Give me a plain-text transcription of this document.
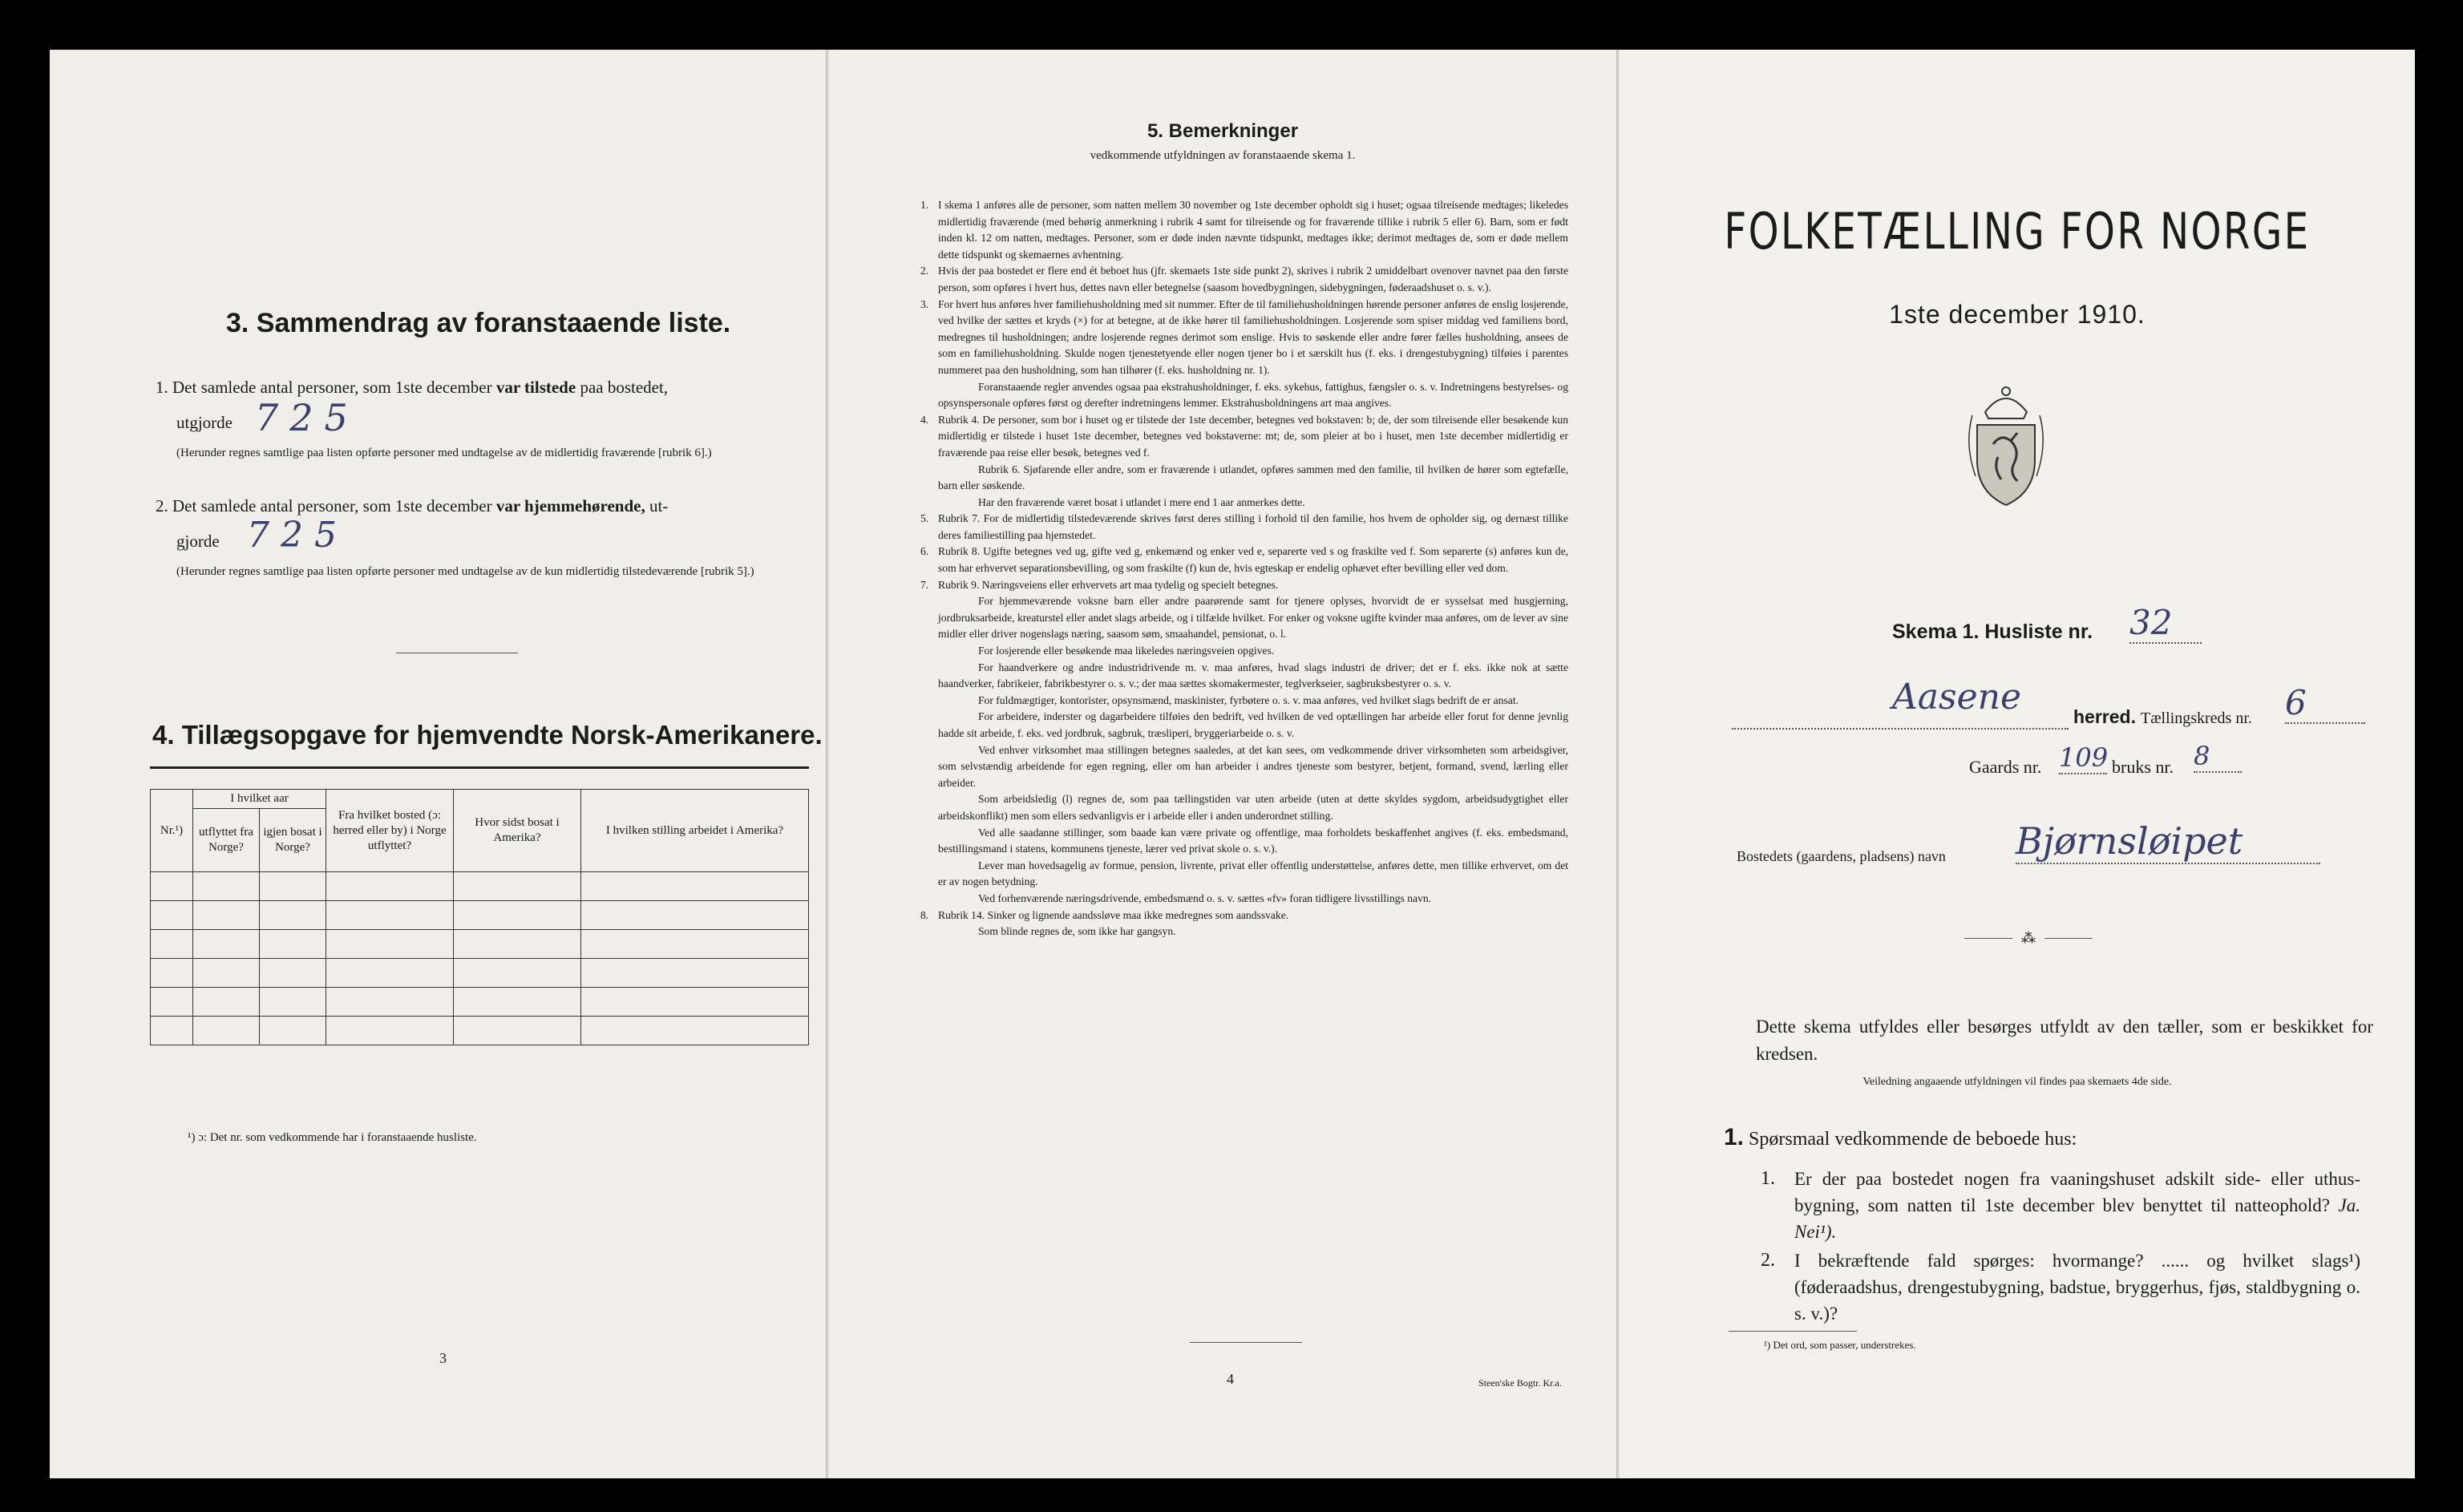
3. Sammendrag av foranstaaende liste.
1. Det samlede antal personer, som 1ste december var tilstede paa bostedet,
utgjorde 725
(Herunder regnes samtlige paa listen opførte personer med undtagelse av de midlertidig fraværende [rubrik 6].)
2. Det samlede antal personer, som 1ste december var hjemmehørende, ut-
gjorde 725
(Herunder regnes samtlige paa listen opførte personer med undtagelse av de kun midlertidig tilstedeværende [rubrik 5].)
4. Tillægsopgave for hjemvendte Norsk-Amerikanere.
Nr.¹)	I hvilket aar		Fra hvilket bosted (ɔ: herred eller by) i Norge utflyttet?	Hvor sidst bosat i Amerika?	I hvilken stilling arbeidet i Amerika?
	utflyttet fra Norge?	igjen bosat i Norge?			

¹) ɔ: Det nr. som vedkommende har i foranstaaende husliste.
3
5. Bemerkninger
vedkommende utfyldningen av foranstaaende skema 1.
1. I skema 1 anføres alle de personer, som natten mellem 30 november og 1ste december opholdt sig i huset; ogsaa tilreisende medtages; likeledes midlertidig fraværende (med behørig anmerkning i rubrik 4 samt for tilreisende og for fraværende tillike i rubrik 5 eller 6). Barn, som er født inden kl. 12 om natten, medtages. Personer, som er døde inden nævnte tidspunkt, medtages ikke; derimot medtages de, som er døde mellem dette tidspunkt og skemaernes avhentning.
2. Hvis der paa bostedet er flere end ét beboet hus (jfr. skemaets 1ste side punkt 2), skrives i rubrik 2 umiddelbart ovenover navnet paa den første person, som opføres i hvert hus, dettes navn eller betegnelse (saasom hovedbygningen, sidebygningen, føderaadshuset o. s. v.).
3. For hvert hus anføres hver familiehusholdning med sit nummer. Efter de til familiehusholdningen hørende personer anføres de enslig losjerende, ved hvilke der sættes et kryds (×) for at betegne, at de ikke hører til familiehusholdningen. Losjerende som spiser middag ved familiens bord, medregnes til husholdningen; andre losjerende regnes derimot som enslige. Hvis to søskende eller andre fører fælles husholdning, ansees de som en familiehusholdning. Skulde nogen tjenestetyende eller nogen tjener bo i et særskilt hus (f. eks. i drengestubygning) tilføies i parentes nummeret paa den husholdning, som han tilhører (f. eks. husholdning nr. 1).
Foranstaaende regler anvendes ogsaa paa ekstrahusholdninger, f. eks. sykehus, fattighus, fængsler o. s. v. Indretningens bestyrelses- og opsynspersonale opføres først og derefter indretningens lemmer. Ekstrahusholdningens art maa angives.
4. Rubrik 4. De personer, som bor i huset og er tilstede der 1ste december, betegnes ved bokstaven: b; de, der som tilreisende eller besøkende kun midlertidig er tilstede i huset 1ste december, betegnes ved bokstaverne: mt; de, som pleier at bo i huset, men 1ste december midlertidig er fraværende paa reise eller besøk, betegnes ved f.
Rubrik 6. Sjøfarende eller andre, som er fraværende i utlandet, opføres sammen med den familie, til hvilken de hører som egtefælle, barn eller søskende.
Har den fraværende været bosat i utlandet i mere end 1 aar anmerkes dette.
5. Rubrik 7. For de midlertidig tilstedeværende skrives først deres stilling i forhold til den familie, hos hvem de opholder sig, og dernæst tillike deres familiestilling paa hjemstedet.
6. Rubrik 8. Ugifte betegnes ved ug, gifte ved g, enkemænd og enker ved e, separerte ved s og fraskilte ved f. Som separerte (s) anføres kun de, som har erhvervet separationsbevilling, og som fraskilte (f) kun de, hvis egteskap er endelig ophævet efter bevilling eller ved dom.
7. Rubrik 9. Næringsveiens eller erhvervets art maa tydelig og specielt betegnes.
For hjemmeværende voksne barn eller andre paarørende samt for tjenere oplyses, hvorvidt de er sysselsat med husgjerning, jordbruksarbeide, kreaturstel eller andet slags arbeide, og i tilfælde hvilket. For enker og voksne ugifte kvinder maa anføres, om de lever av sine midler eller driver nogenslags næring, saasom søm, smaahandel, pensionat, o. l.
For losjerende eller besøkende maa likeledes næringsveien opgives.
For haandverkere og andre industridrivende m. v. maa anføres, hvad slags industri de driver; det er f. eks. ikke nok at sætte haandverker, fabrikeier, fabrikbestyrer o. s. v.; der maa sættes skomakermester, teglverkseier, sagbruksbestyrer o. s. v.
For fuldmægtiger, kontorister, opsynsmænd, maskinister, fyrbøtere o. s. v. maa anføres, ved hvilket slags bedrift de er ansat.
For arbeidere, inderster og dagarbeidere tilføies den bedrift, ved hvilken de ved optællingen har arbeide eller forut for denne jevnlig hadde sit arbeide, f. eks. ved jordbruk, sagbruk, træsliperi, bryggeriarbeide o. s. v.
Ved enhver virksomhet maa stillingen betegnes saaledes, at det kan sees, om vedkommende driver virksomheten som arbeidsgiver, som selvstændig arbeidende for egen regning, eller om han arbeider i andres tjeneste som bestyrer, betjent, formand, svend, lærling eller arbeider.
Som arbeidsledig (l) regnes de, som paa tællingstiden var uten arbeide (uten at dette skyldes sygdom, arbeidsudygtighet eller arbeidskonflikt) men som ellers sedvanligvis er i arbeide eller i anden underordnet stilling.
Ved alle saadanne stillinger, som baade kan være private og offentlige, maa forholdets beskaffenhet angives (f. eks. embedsmand, bestillingsmand i statens, kommunens tjeneste, lærer ved privat skole o. s. v.).
Lever man hovedsagelig av formue, pension, livrente, privat eller offentlig understøttelse, anføres dette, men tillike erhvervet, om det er av nogen betydning.
Ved forhenværende næringsdrivende, embedsmænd o. s. v. sættes «fv» foran tidligere livsstillings navn.
8. Rubrik 14. Sinker og lignende aandssløve maa ikke medregnes som aandssvake.
Som blinde regnes de, som ikke har gangsyn.
4	Steen'ske Bogtr. Kr.a.
FOLKETÆLLING FOR NORGE
1ste december 1910.
Skema 1. Husliste nr. 32
Aasene	herred. Tællingskreds nr. 6
Gaards nr. 109 bruks nr. 8
Bostedets (gaardens, pladsens) navn Bjørnsløipet
⁂
Dette skema utfyldes eller besørges utfyldt av den tæller, som er beskikket for kredsen.
Veiledning angaaende utfyldningen vil findes paa skemaets 4de side.
1. Spørsmaal vedkommende de beboede hus:
1. Er der paa bostedet nogen fra vaaningshuset adskilt side- eller uthus-bygning, som natten til 1ste december blev benyttet til natteophold? Ja. Nei¹).
2. I bekræftende fald spørges: hvormange? ...... og hvilket slags¹) (føderaadshus, drengestubygning, badstue, bryggerhus, fjøs, staldbygning o. s. v.)?
¹) Det ord, som passer, understrekes.
